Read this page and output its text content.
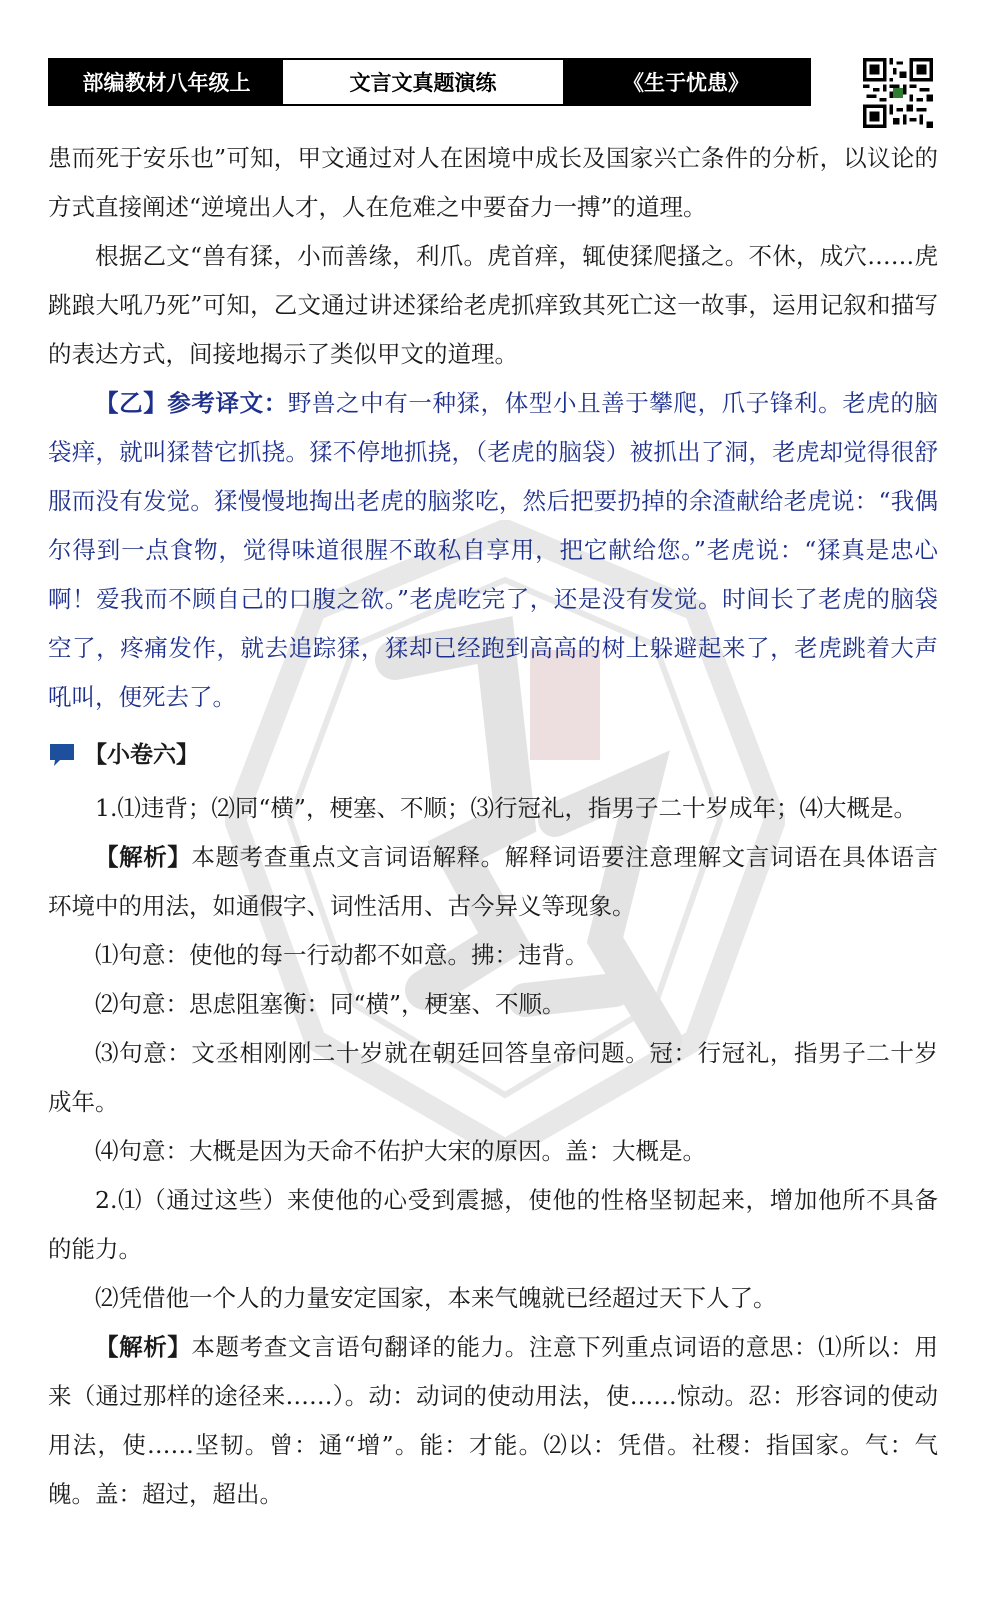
部编教材八年级上	文言文真题演练	《生于忧患》

患而死于安乐也”可知，甲文通过对人在困境中成长及国家兴亡条件的分析，以议论的方式直接阐述“逆境出人才，人在危难之中要奋力一搏”的道理。

根据乙文“兽有猱，小而善缘，利爪。虎首痒，辄使猱爬搔之。不休，成穴……虎跳踉大吼乃死”可知，乙文通过讲述猱给老虎抓痒致其死亡这一故事，运用记叙和描写的表达方式，间接地揭示了类似甲文的道理。

【乙】参考译文：野兽之中有一种猱，体型小且善于攀爬，爪子锋利。老虎的脑袋痒，就叫猱替它抓挠。猱不停地抓挠，（老虎的脑袋）被抓出了洞，老虎却觉得很舒服而没有发觉。猱慢慢地掏出老虎的脑浆吃，然后把要扔掉的余渣献给老虎说：“我偶尔得到一点食物，觉得味道很腥不敢私自享用，把它献给您。”老虎说：“猱真是忠心啊！爱我而不顾自己的口腹之欲。”老虎吃完了，还是没有发觉。时间长了老虎的脑袋空了，疼痛发作，就去追踪猱，猱却已经跑到高高的树上躲避起来了，老虎跳着大声吼叫，便死去了。

【小卷六】

1.⑴违背；⑵同“横”，梗塞、不顺；⑶行冠礼，指男子二十岁成年；⑷大概是。

【解析】本题考查重点文言词语解释。解释词语要注意理解文言词语在具体语言环境中的用法，如通假字、词性活用、古今异义等现象。

⑴句意：使他的每一行动都不如意。拂：违背。

⑵句意：思虑阻塞衡：同“横”，梗塞、不顺。

⑶句意：文丞相刚刚二十岁就在朝廷回答皇帝问题。冠：行冠礼，指男子二十岁成年。

⑷句意：大概是因为天命不佑护大宋的原因。盖：大概是。

2.⑴（通过这些）来使他的心受到震撼，使他的性格坚韧起来，增加他所不具备的能力。

⑵凭借他一个人的力量安定国家，本来气魄就已经超过天下人了。

【解析】本题考查文言语句翻译的能力。注意下列重点词语的意思：⑴所以：用来（通过那样的途径来……）。动：动词的使动用法，使……惊动。忍：形容词的使动用法，使……坚韧。曾：通“增”。能：才能。⑵以：凭借。社稷：指国家。气：气魄。盖：超过，超出。
